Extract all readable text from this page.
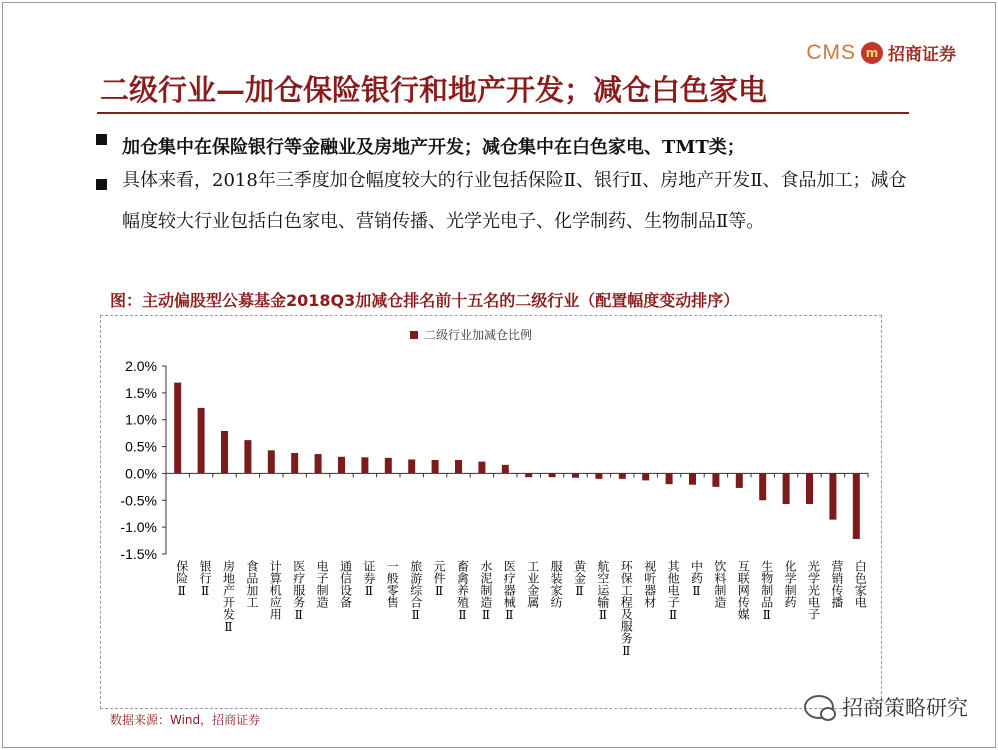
CMS m 招商证券
二级行业—加仓保险银行和地产开发；减仓白色家电
加仓集中在保险银行等金融业及房地产开发；减仓集中在白色家电、TMT类；
具体来看，2018年三季度加仓幅度较大的行业包括保险Ⅱ、银行Ⅱ、房地产开发Ⅱ、食品加工；减仓幅度较大行业包括白色家电、营销传播、光学光电子、化学制药、生物制品Ⅱ等。
图：主动偏股型公募基金2018Q3加减仓排名前十五名的二级行业（配置幅度变动排序）
二级行业加减仓比例
2.0%
1.5%
1.0%
0.5%
0.0%
-0.5%
-1.0%
-1.5%
保险Ⅱ 银行Ⅱ 房地产开发Ⅱ 食品加工 计算机应用 医疗服务Ⅱ 电子制造 通信设备 证券Ⅱ 一般零售 旅游综合Ⅱ 元件Ⅱ 畜禽养殖Ⅱ 水泥制造Ⅱ 医疗器械Ⅱ 工业金属 服装家纺 黄金Ⅱ 航空运输Ⅱ 环保工程及服务Ⅱ 视听器材 其他电子Ⅱ 中药Ⅱ 饮料制造 互联网传媒 生物制品Ⅱ 化学制药 光学光电子 营销传播 白色家电
数据来源：Wind，招商证券	招商策略研究
